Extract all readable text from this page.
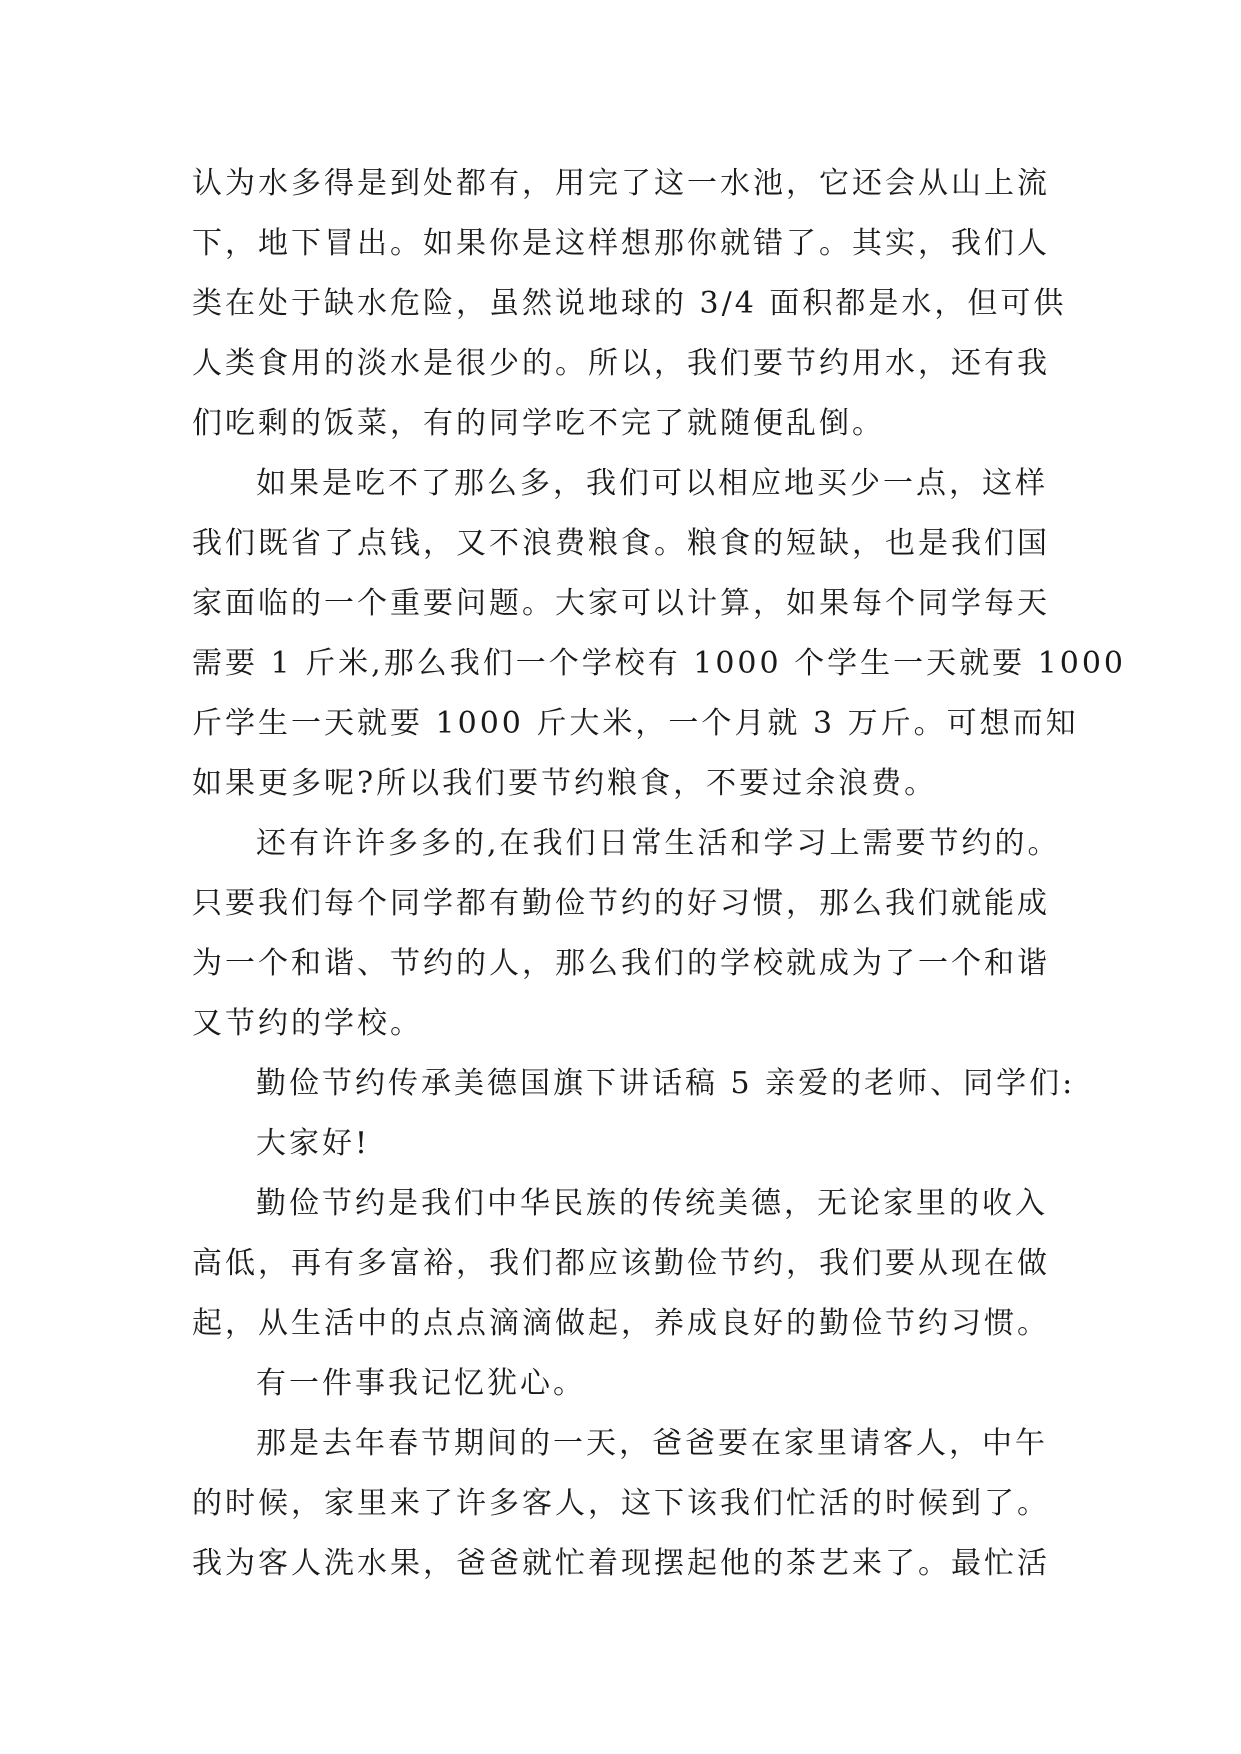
认为水多得是到处都有，用完了这一水池，它还会从山上流
下，地下冒出。如果你是这样想那你就错了。其实，我们人
类在处于缺水危险，虽然说地球的 3/4 面积都是水，但可供
人类食用的淡水是很少的。所以，我们要节约用水，还有我
们吃剩的饭菜，有的同学吃不完了就随便乱倒。
如果是吃不了那么多，我们可以相应地买少一点，这样
我们既省了点钱，又不浪费粮食。粮食的短缺，也是我们国
家面临的一个重要问题。大家可以计算，如果每个同学每天
需要 1 斤米,那么我们一个学校有 1000 个学生一天就要 1000
斤学生一天就要 1000 斤大米，一个月就 3 万斤。可想而知
如果更多呢?所以我们要节约粮食，不要过余浪费。
还有许许多多的,在我们日常生活和学习上需要节约的。
只要我们每个同学都有勤俭节约的好习惯，那么我们就能成
为一个和谐、节约的人，那么我们的学校就成为了一个和谐
又节约的学校。
勤俭节约传承美德国旗下讲话稿 5 亲爱的老师、同学们:
大家好!
勤俭节约是我们中华民族的传统美德，无论家里的收入
高低，再有多富裕，我们都应该勤俭节约，我们要从现在做
起，从生活中的点点滴滴做起，养成良好的勤俭节约习惯。
有一件事我记忆犹心。
那是去年春节期间的一天，爸爸要在家里请客人，中午
的时候，家里来了许多客人，这下该我们忙活的时候到了。
我为客人洗水果，爸爸就忙着现摆起他的茶艺来了。最忙活
